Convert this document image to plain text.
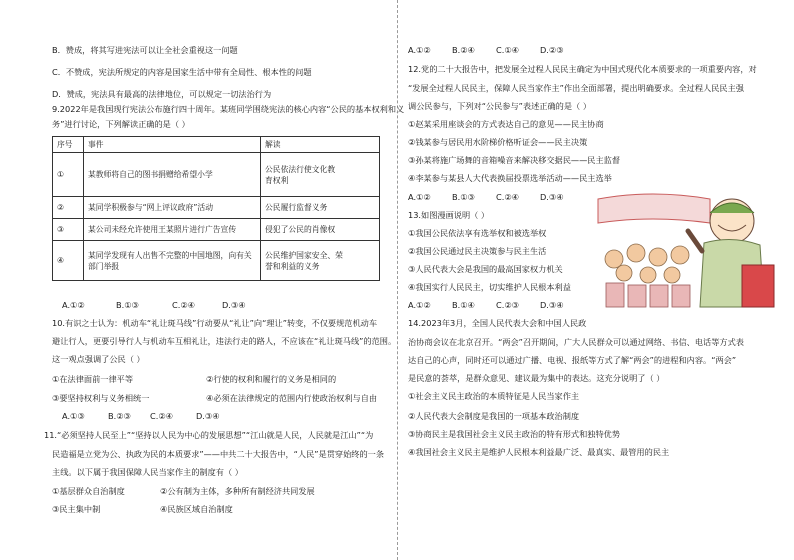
B．赞成，将其写进宪法可以让全社会重视这一问题
C．不赞成，宪法所规定的内容是国家生活中带有全局性、根本性的问题
D．赞成，宪法具有最高的法律地位，可以规定一切法治行为
9.2022年是我国现行宪法公布施行四十周年。某班同学围绕宪法的核心内容“公民的基本权利和义
务”进行讨论，下列解读正确的是（ ）
序号	事件	解读
①	某教师将自己的图书捐赠给希望小学	公民依法行使文化教
育权利

②	某同学积极参与“网上评议政府”活动	公民履行监督义务
③	某公司未经允许使用王某照片进行广告宣传	侵犯了公民的肖像权
④	某同学发现有人出售不完整的中国地图，向有关部门举报	公民维护国家安全、荣
誉和利益的义务
A.①②	B.①③	C.②④	D.③④
10.有识之士认为：机动车“礼让斑马线”行动要从“礼让”向“理让”转变，不仅要规范机动车
避让行人，更要引导行人与机动车互相礼让，违法行走的路人，不应该在“礼让斑马线”的范围。
这一观点强调了公民（ ）
①在法律面前一律平等	②行使的权利和履行的义务是相同的
③要坚持权利与义务相统一	④必须在法律规定的范围内行使政治权利与自由
A.①③	B.②③ C.②④	D.③④
11.“必须坚持人民至上”“坚持以人民为中心的发展思想”“江山就是人民，人民就是江山”“为
民造福是立党为公、执政为民的本质要求”——中共二十大报告中，“人民”是贯穿始终的一条
主线。以下属于我国保障人民当家作主的制度有（ ）
①基层群众自治制度	②公有制为主体，多种所有制经济共同发展
③民主集中制	④民族区域自治制度
A.①②	B.②④	C.①④	D.②③
12.党的二十大报告中，把发展全过程人民民主确定为中国式现代化本质要求的一项重要内容，对
“发展全过程人民民主，保障人民当家作主”作出全面部署，提出明确要求。全过程人民民主强
调公民参与，下列对“公民参与”表述正确的是（ ）
①赵某采用座谈会的方式表达自己的意见——民主协商
②钱某参与居民用水阶梯价格听证会——民主决策
③孙某将施广场舞的音箱噪音来解决移交据民——民主监督
④李某参与某县人大代表换届投票选举活动——民主选举
A.①②	B.①③	C.②④	D.③④
13.如图漫画说明（ ）
①我国公民依法享有选举权和被选举权
②我国公民通过民主决策参与民主生活
③人民代表大会是我国的最高国家权力机关
④我国实行人民民主，切实维护人民根本利益
A.①②	B.①④	C.②③	D.③④
14.2023年3月，全国人民代表大会和中国人民政
治协商会议在北京召开。“两会”召开期间，广大人民群众可以通过网络、书信、电话等方式表
达自己的心声，同时还可以通过广播、电视、报纸等方式了解“两会”的进程和内容。“两会”
是民意的荟萃，是群众意见、建议最为集中的表达。这充分说明了（ ）
①社会主义民主政治的本质特征是人民当家作主
②人民代表大会制度是我国的一项基本政治制度
③协商民主是我国社会主义民主政治的特有形式和独特优势
④我国社会主义民主是维护人民根本利益最广泛、最真实、最管用的民主
